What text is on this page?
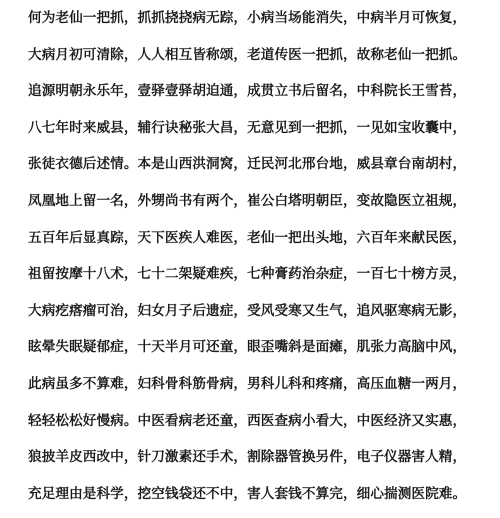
何为老仙一把抓，抓抓挠挠病无踪，小病当场能消失，中病半月可恢复，

大病月初可清除，人人相互皆称颂，老道传医一把抓，故称老仙一把抓。

追源明朝永乐年，壹驿壹驿胡迫通，成贯立书后留名，中科院长王雪苔，

八七年时来威县，辅行诀秘张大昌，无意见到一把抓，一见如宝收囊中，

张徒衣德后述情。本是山西洪洞窝，迁民河北邢台地，威县章台南胡村，

凤凰地上留一名，外甥尚书有两个，崔公白塔明朝臣，变故隐医立祖规，

五百年后显真踪，天下医疾人难医，老仙一把出头地，六百年来献民医，

祖留按摩十八术，七十二架疑难疾，七种膏药治杂症，一百七十榜方灵，

大病疙瘩瘤可治，妇女月子后遗症，受风受寒又生气，追风驱寒病无影，

眩晕失眠疑郁症，十天半月可还童，眼歪嘴斜是面瘫，肌张力高脑中风，

此病虽多不算难，妇科骨科筋骨病，男科儿科和疼痛，高压血糖一两月，

轻轻松松好慢病。中医看病老还童，西医查病小看大，中医经济又实惠，

狼披羊皮西改中，针刀激素还手术，割除器管换另件，电子仪器害人精，

充足理由是科学，挖空钱袋还不中，害人套钱不算完，细心揣测医院难。
